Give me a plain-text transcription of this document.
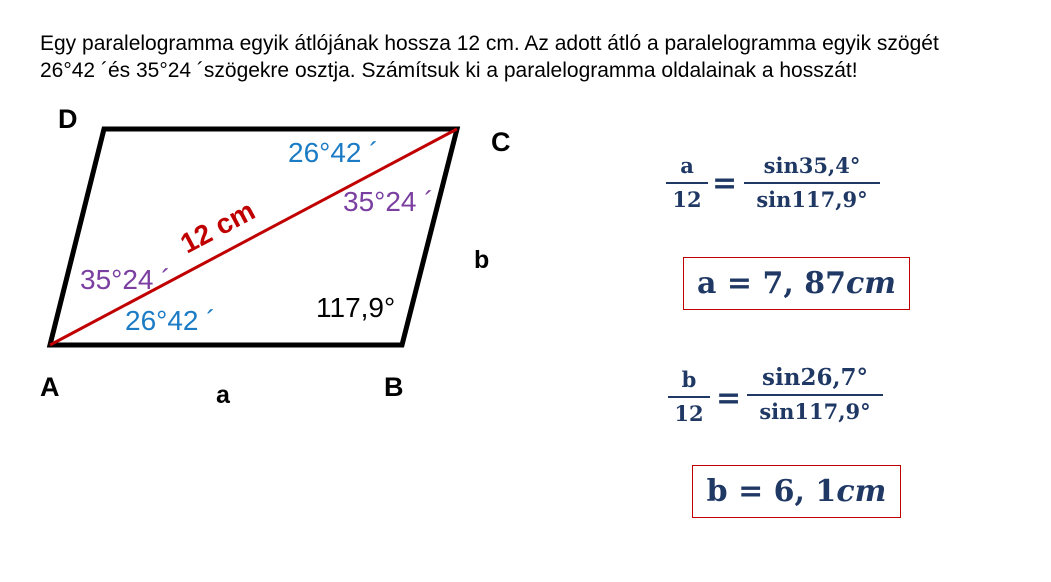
Egy paralelogramma egyik átlójának hossza 12 cm. Az adott átló a paralelogramma egyik szögét
26°42 ´és 35°24 ´szögekre osztja. Számítsuk ki a paralelogramma oldalainak a hosszát!
D
C
A	B
a
b
26°42 ´
35°24 ´
35°24 ´
26°42 ´	117,9°
12 cm
a
12 =
sin35,4°
sin117,9°
a = 7, 87 cm
b
12 =
sin26,7°
sin117,9°
b = 6, 1 cm
